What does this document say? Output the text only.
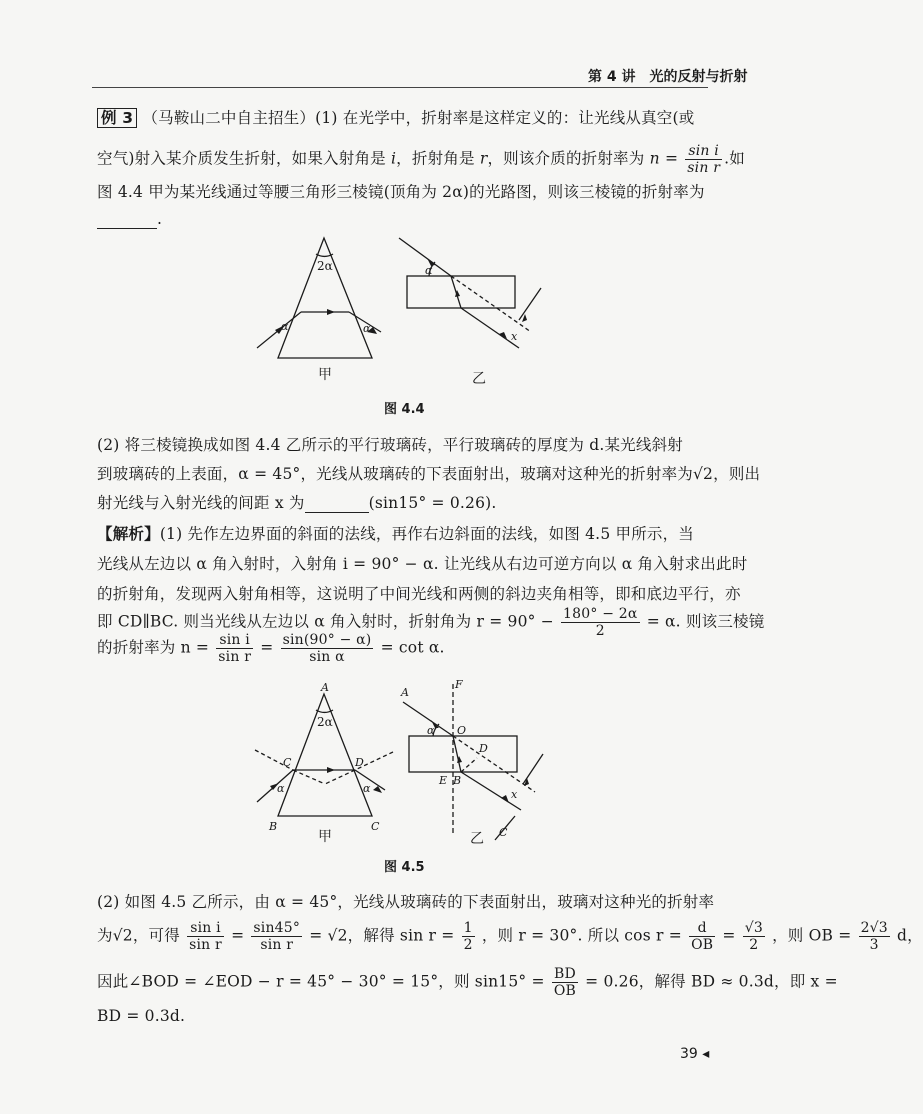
第 4 讲　光的反射与折射
例 3 （马鞍山二中自主招生）(1) 在光学中，折射率是这样定义的：让光线从真空(或
空气)射入某介质发生折射，如果入射角是 i，折射角是 r，则该介质的折射率为 $n = \frac{\text{sin i}}{\text{sin r}}$ .如
图 4.4 甲为某光线通过等腰三角形三棱镜(顶角为 2α)的光路图，则该三棱镜的折射率为
.
2α
α	α
甲
α
x
乙
图 4.4
(2) 将三棱镜换成如图 4.4 乙所示的平行玻璃砖，平行玻璃砖的厚度为 d.某光线斜射
到玻璃砖的上表面，α = 45°，光线从玻璃砖的下表面射出，玻璃对这种光的折射率为√2，则出
射光线与入射光线的间距 x 为	(sin15° = 0.26).
【解析】(1) 先作左边界面的斜面的法线，再作右边斜面的法线，如图 4.5 甲所示，当
光线从左边以 α 角入射时，入射角 i = 90° − α. 让光线从右边可逆方向以 α 角入射求出此时
的折射角，发现两入射角相等，这说明了中间光线和两侧的斜边夹角相等，即和底边平行，亦
即 CD∥BC. 则当光线从左边以 α 角入射时，折射角为 $r = 90^\circ - \frac{180^\circ - 2\alpha}{2} = \alpha$. 则该三棱镜
的折射率为 $n = \frac{\text{sin i}}{\text{sin r}} = \frac{\sin(90^\circ - \alpha)}{\text{sin α}} = \cot \alpha$.
A
B	C
C	D
2α
α	α
甲
A
F
O
D
E B
x
C
α
乙
图 4.5
(2) 如图 4.5 乙所示，由 α = 45°，光线从玻璃砖的下表面射出，玻璃对这种光的折射率
为√2，可得 $\frac{\text{sin i}}{\text{sin r}} = \frac{\sin 45^\circ}{\text{sin r}} = √2$，解得 $\sin r = \frac{1}{2}$ ，则 r = 30°. 所以 $\cos r = \frac{d}{OB} = \frac{√3}{2}$ ，则 OB = $\frac{2√3}{3}$ d，
因此∠BOD = ∠EOD − r = 45° − 30° = 15°，则 $\sin 15^\circ = \frac{BD}{OB} = 0.26$，解得 BD ≈ 0.3d，即 x =
BD = 0.3d.
39 ◂
